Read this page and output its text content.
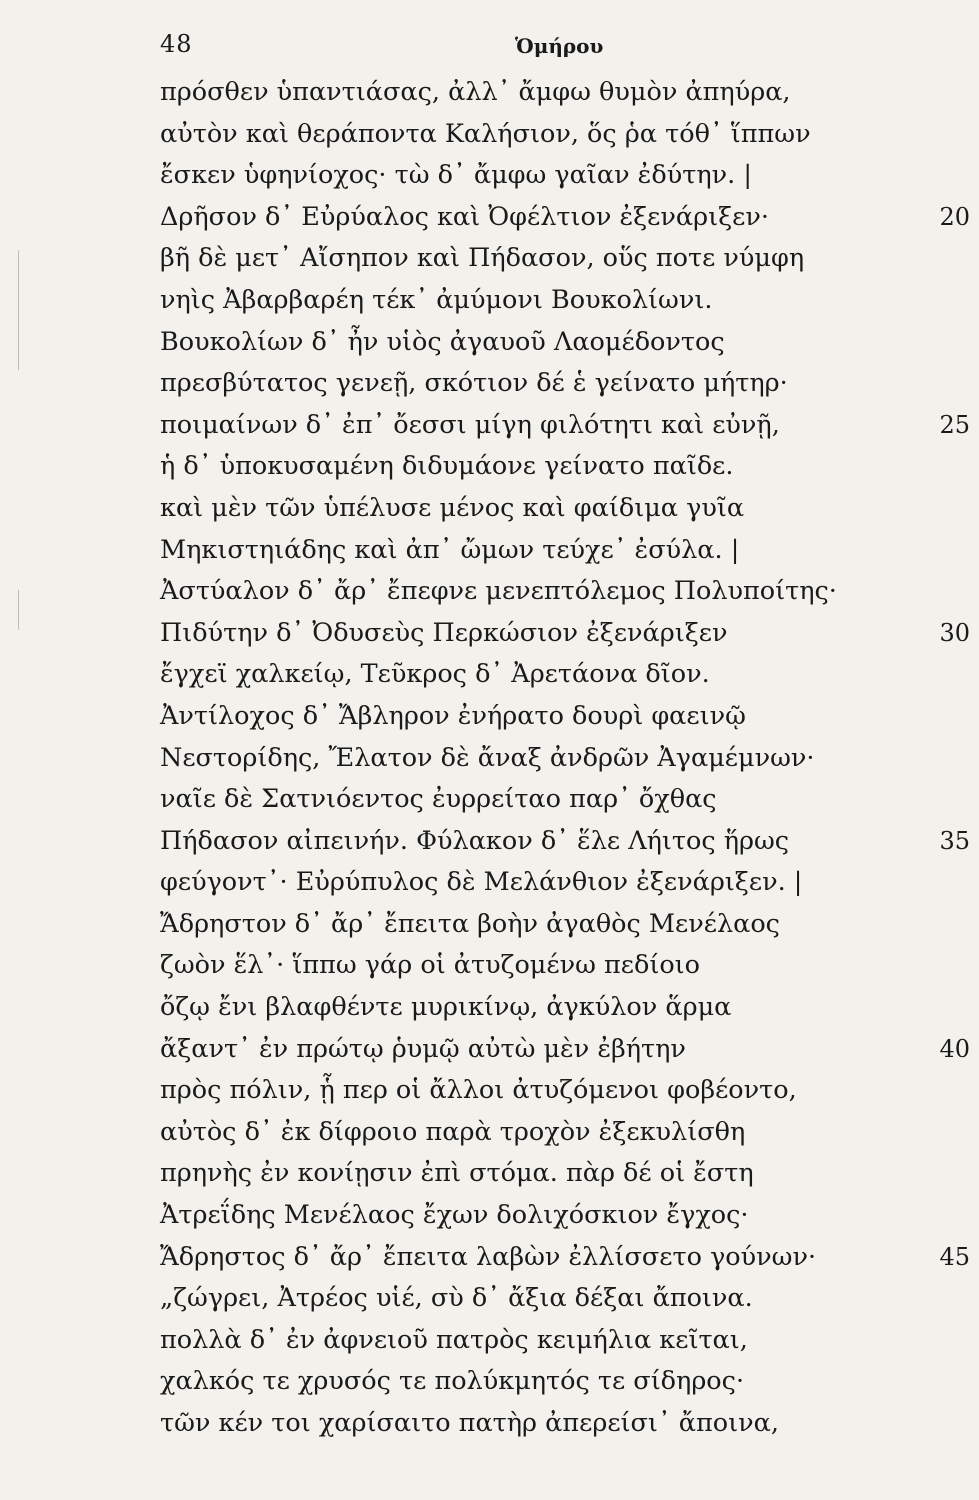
48	Ὁμήρου
πρόσθεν ὑπαντιάσας, ἀλλ᾽ ἄμφω θυμὸν ἀπηύρα,
αὐτὸν καὶ θεράποντα Καλήσιον, ὅς ῥα τόθ᾽ ἵππων
ἔσκεν ὑφηνίοχος· τὼ δ᾽ ἄμφω γαῖαν ἐδύτην. |
Δρῆσον δ᾽ Εὐρύαλος καὶ Ὀφέλτιον ἐξενάριξεν·	20
βῆ δὲ μετ᾽ Αἴσηπον καὶ Πήδασον, οὕς ποτε νύμφη
νηὶς Ἀβαρβαρέη τέκ᾽ ἀμύμονι Βουκολίωνι.
Βουκολίων δ᾽ ἦν υἱὸς ἀγαυοῦ Λαομέδοντος
πρεσβύτατος γενεῇ, σκότιον δέ ἑ γείνατο μήτηρ·
ποιμαίνων δ᾽ ἐπ᾽ ὄεσσι μίγη φιλότητι καὶ εὐνῇ,	25
ἡ δ᾽ ὑποκυσαμένη διδυμάονε γείνατο παῖδε.
καὶ μὲν τῶν ὑπέλυσε μένος καὶ φαίδιμα γυῖα
Μηκιστηιάδης καὶ ἀπ᾽ ὤμων τεύχε᾽ ἐσύλα. |
Ἀστύαλον δ᾽ ἄρ᾽ ἔπεφνε μενεπτόλεμος Πολυποίτης·
Πιδύτην δ᾽ Ὀδυσεὺς Περκώσιον ἐξενάριξεν	30
ἔγχεϊ χαλκείῳ, Τεῦκρος δ᾽ Ἀρετάονα δῖον.
Ἀντίλοχος δ᾽ Ἄβληρον ἐνήρατο δουρὶ φαεινῷ
Νεστορίδης, Ἔλατον δὲ ἄναξ ἀνδρῶν Ἀγαμέμνων·
ναῖε δὲ Σατνιόεντος ἐυρρείταο παρ᾽ ὄχθας
Πήδασον αἰπεινήν. Φύλακον δ᾽ ἕλε Λήιτος ἥρως	35
φεύγοντ᾽· Εὐρύπυλος δὲ Μελάνθιον ἐξενάριξεν. |
Ἄδρηστον δ᾽ ἄρ᾽ ἔπειτα βοὴν ἀγαθὸς Μενέλαος
ζωὸν ἕλ᾽· ἵππω γάρ οἱ ἀτυζομένω πεδίοιο
ὄζῳ ἔνι βλαφθέντε μυρικίνῳ, ἀγκύλον ἅρμα
ἄξαντ᾽ ἐν πρώτῳ ῥυμῷ αὐτὼ μὲν ἐβήτην	40
πρὸς πόλιν, ᾗ περ οἱ ἄλλοι ἀτυζόμενοι φοβέοντο,
αὐτὸς δ᾽ ἐκ δίφροιο παρὰ τροχὸν ἐξεκυλίσθη
πρηνὴς ἐν κονίῃσιν ἐπὶ στόμα. πὰρ δέ οἱ ἔστη
Ἀτρεΐδης Μενέλαος ἔχων δολιχόσκιον ἔγχος·
Ἄδρηστος δ᾽ ἄρ᾽ ἔπειτα λαβὼν ἐλλίσσετο γούνων·	45
„ζώγρει, Ἀτρέος υἱέ, σὺ δ᾽ ἄξια δέξαι ἄποινα.
πολλὰ δ᾽ ἐν ἀφνειοῦ πατρὸς κειμήλια κεῖται,
χαλκός τε χρυσός τε πολύκμητός τε σίδηρος·
τῶν κέν τοι χαρίσαιτο πατὴρ ἀπερείσι᾽ ἄποινα,
